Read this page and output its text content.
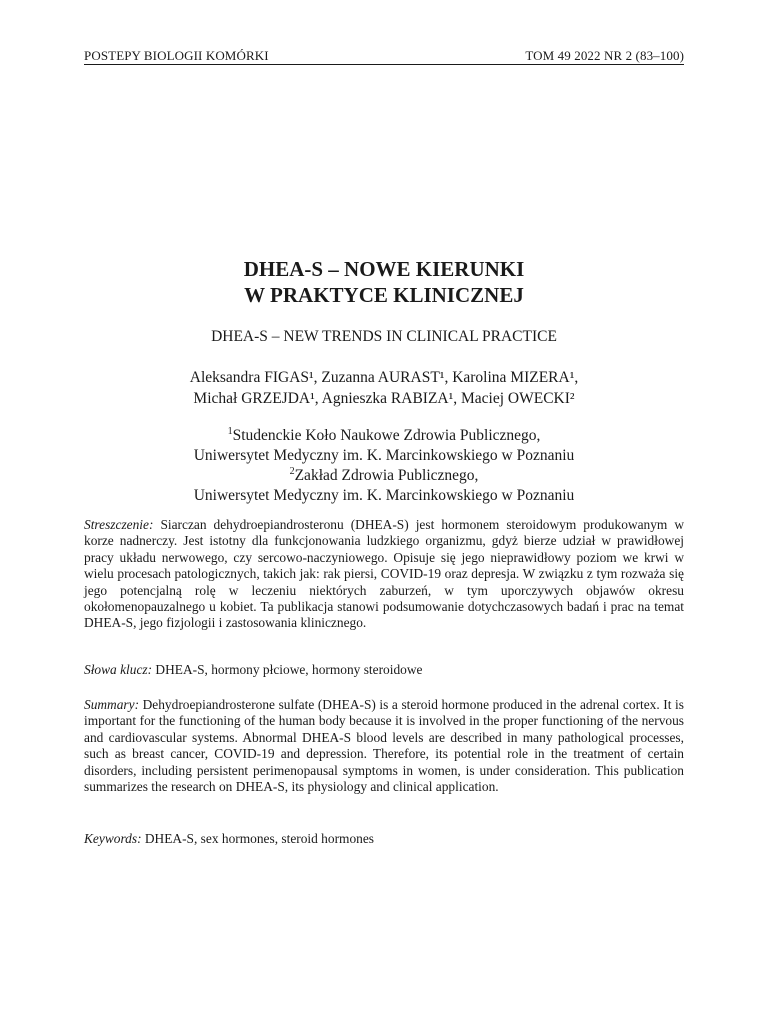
POSTEPY BIOLOGII KOMÓRKI	TOM 49 2022 NR 2 (83–100)
DHEA-S – NOWE KIERUNKI
W PRAKTYCE KLINICZNEJ
DHEA-S – NEW TRENDS IN CLINICAL PRACTICE
Aleksandra FIGAS¹, Zuzanna AURAST¹, Karolina MIZERA¹,
Michał GRZEJDA¹, Agnieszka RABIZA¹, Maciej OWECKI²
$^1$Studenckie Koło Naukowe Zdrowia Publicznego,
Uniwersytet Medyczny im. K. Marcinkowskiego w Poznaniu
$^2$Zakład Zdrowia Publicznego,
Uniwersytet Medyczny im. K. Marcinkowskiego w Poznaniu

Streszczenie: Siarczan dehydroepiandrosteronu (DHEA-S) jest hormonem steroidowym produkowanym w korze nadnerczy. Jest istotny dla funkcjonowania ludzkiego organizmu, gdyż bierze udział w prawidłowej pracy układu nerwowego, czy sercowo-naczyniowego. Opisuje się jego nieprawidłowy poziom we krwi w wielu procesach patologicznych, takich jak: rak piersi, COVID-19 oraz depresja. W związku z tym rozważa się jego potencjalną rolę w leczeniu niektórych zaburzeń, w tym uporczywych objawów okresu okołomenopauzalnego u kobiet. Ta publikacja stanowi podsumowanie dotychczasowych badań i prac na temat DHEA-S, jego fizjologii i zastosowania klinicznego.

Słowa klucz: DHEA-S, hormony płciowe, hormony steroidowe

Summary: Dehydroepiandrosterone sulfate (DHEA-S) is a steroid hormone produced in the adrenal cortex. It is important for the functioning of the human body because it is involved in the proper functioning of the nervous and cardiovascular systems. Abnormal DHEA-S blood levels are described in many pathological processes, such as breast cancer, COVID-19 and depression. Therefore, its potential role in the treatment of certain disorders, including persistent perimenopausal symptoms in women, is under consideration. This publication summarizes the research on DHEA-S, its physiology and clinical application.

Keywords: DHEA-S, sex hormones, steroid hormones
